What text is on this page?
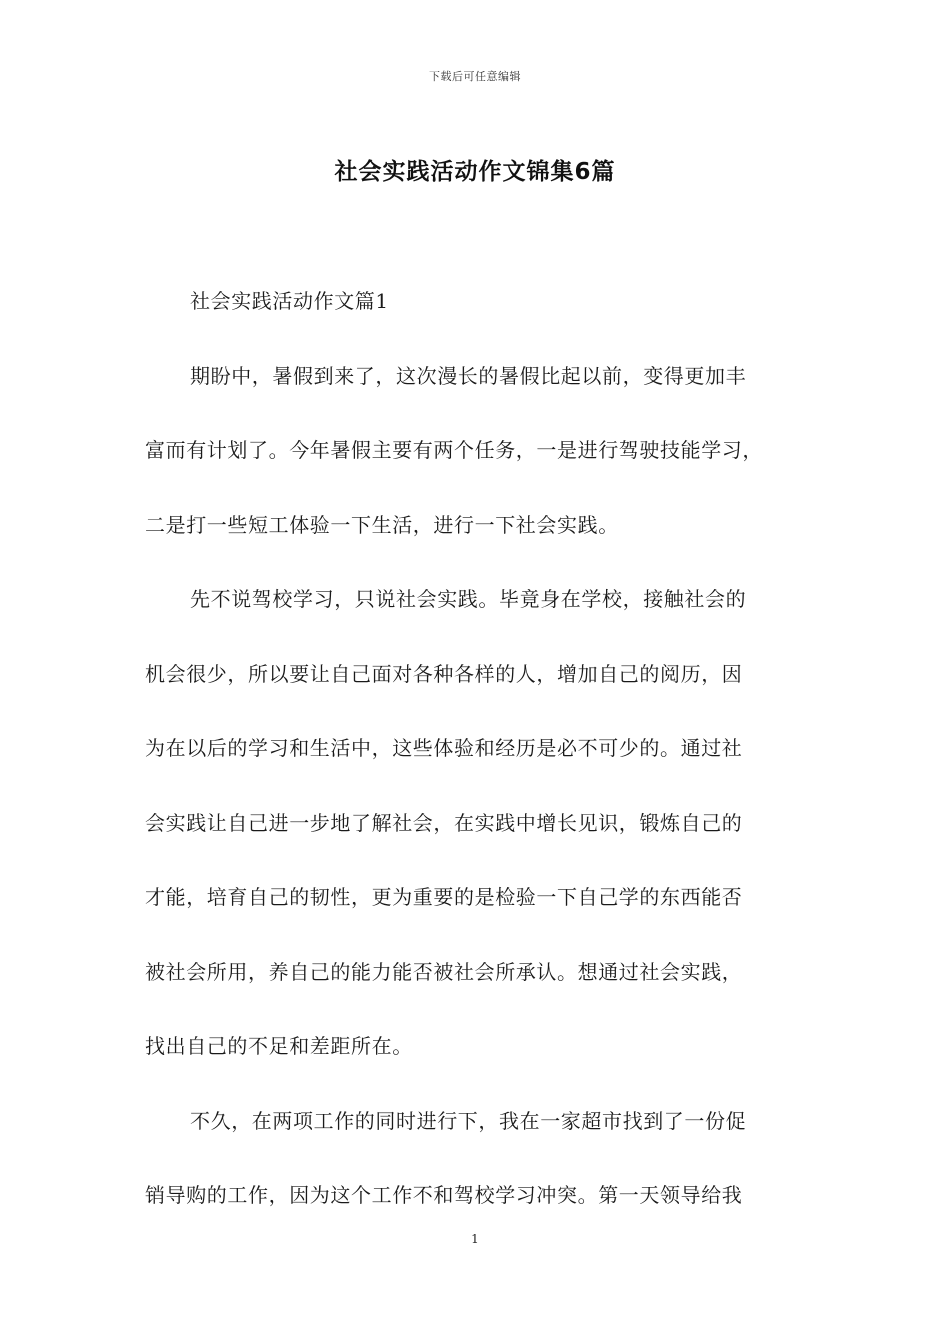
下载后可任意编辑
社会实践活动作文锦集6篇
社会实践活动作文篇1
期盼中，暑假到来了，这次漫长的暑假比起以前，变得更加丰
富而有计划了。今年暑假主要有两个任务，一是进行驾驶技能学习，
二是打一些短工体验一下生活，进行一下社会实践。
先不说驾校学习，只说社会实践。毕竟身在学校，接触社会的
机会很少，所以要让自己面对各种各样的人，增加自己的阅历，因
为在以后的学习和生活中，这些体验和经历是必不可少的。通过社
会实践让自己进一步地了解社会，在实践中增长见识，锻炼自己的
才能，培育自己的韧性，更为重要的是检验一下自己学的东西能否
被社会所用，养自己的能力能否被社会所承认。想通过社会实践，
找出自己的不足和差距所在。
不久，在两项工作的同时进行下，我在一家超市找到了一份促
销导购的工作，因为这个工作不和驾校学习冲突。第一天领导给我
1
